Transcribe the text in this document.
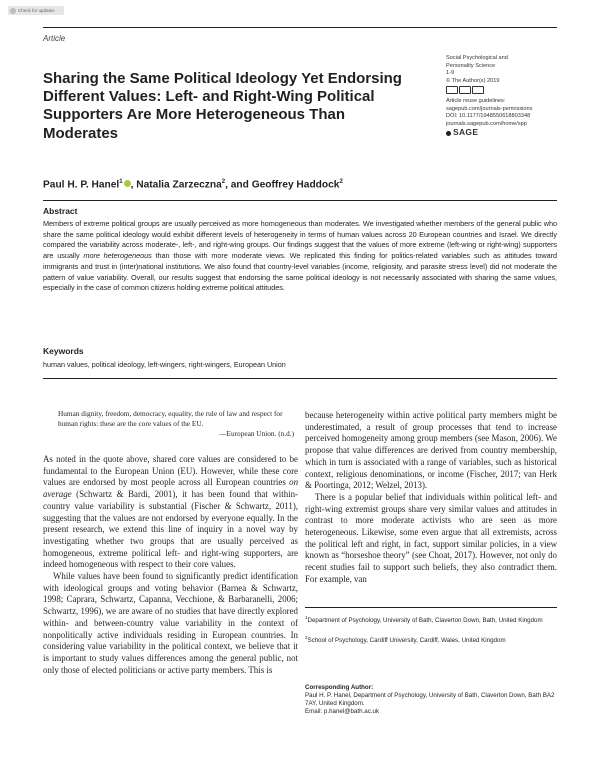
Check for updates
Article
Sharing the Same Political Ideology Yet Endorsing Different Values: Left- and Right-Wing Political Supporters Are More Heterogeneous Than Moderates
Social Psychological and
Personality Science
1-9
© The Author(s) 2019
Article reuse guidelines:
sagepub.com/journals-permissions
DOI: 10.1177/1948550618803348
journals.sagepub.com/home/spp
SAGE
Paul H. P. Hanel$^1$ , Natalia Zarzeczna$^2$, and Geoffrey Haddock$^2$
Abstract
Members of extreme political groups are usually perceived as more homogeneous than moderates. We investigated whether members of the general public who share the same political ideology would exhibit different levels of heterogeneity in terms of human values across 20 European countries and Israel. We directly compared the variability across moderate-, left-, and right-wing groups. Our findings suggest that the values of more extreme (left-wing or right-wing) supporters are usually more heterogeneous than those with more moderate views. We replicated this finding for politics-related variables such as attitudes toward immigrants and trust in (inter)national institutions. We also found that country-level variables (income, religiosity, and parasite stress level) did not moderate the pattern of value variability. Overall, our results suggest that endorsing the same political ideology is not necessarily associated with sharing the same values, especially in the case of common citizens holding extreme political attitudes.
Keywords
human values, political ideology, left-wingers, right-wingers, European Union
Human dignity, freedom, democracy, equality, the rule of law and respect for human rights: these are the core values of the EU.
—European Union. (n.d.)

As noted in the quote above, shared core values are considered to be fundamental to the European Union (EU). However, while these core values are endorsed by most people across all European countries on average (Schwartz & Bardi, 2001), it has been found that within-country value variability is substantial (Fischer & Schwartz, 2011), suggesting that the values are not endorsed by everyone equally. In the present research, we extend this line of inquiry in a novel way by investigating whether two groups that are usually perceived as homogeneous, extreme political left- and right-wing supporters, are indeed homogeneous with respect to their core values.

While values have been found to significantly predict identification with ideological groups and voting behavior (Barnea & Schwartz, 1998; Caprara, Schwartz, Capanna, Vecchione, & Barbaranelli, 2006; Schwartz, 1996), we are aware of no studies that have directly explored within- and between-country value variability in the context of nonpolitically active individuals residing in European countries. In considering value variability in the political context, we believe that it is important to study values differences among the general public, not only those of elected politicians or active party members. This is

because heterogeneity within active political party members might be underestimated, a result of group processes that tend to increase perceived homogeneity among group members (see Mason, 2006). We propose that value differences are derived from country membership, which in turn is associated with a range of variables, such as historical context, religious denominations, or income (Fischer, 2017; van Herk & Poortinga, 2012; Welzel, 2013).

There is a popular belief that individuals within political left- and right-wing extremist groups share very similar values and attitudes in contrast to more moderate activists who are seen as more heterogeneous. Likewise, some even argue that all extremists, across the political left and right, in fact, support similar policies, in a view known as “horseshoe theory” (see Choat, 2017). However, not only do recent studies fail to support such beliefs, they also contradict them. For example, van

$^1$Department of Psychology, University of Bath, Claverton Down, Bath, United Kingdom
$^2$School of Psychology, Cardiff University, Cardiff, Wales, United Kingdom
Corresponding Author:
Paul H. P. Hanel, Department of Psychology, University of Bath, Claverton Down, Bath BA2 7AY, United Kingdom.
Email: p.hanel@bath.ac.uk
